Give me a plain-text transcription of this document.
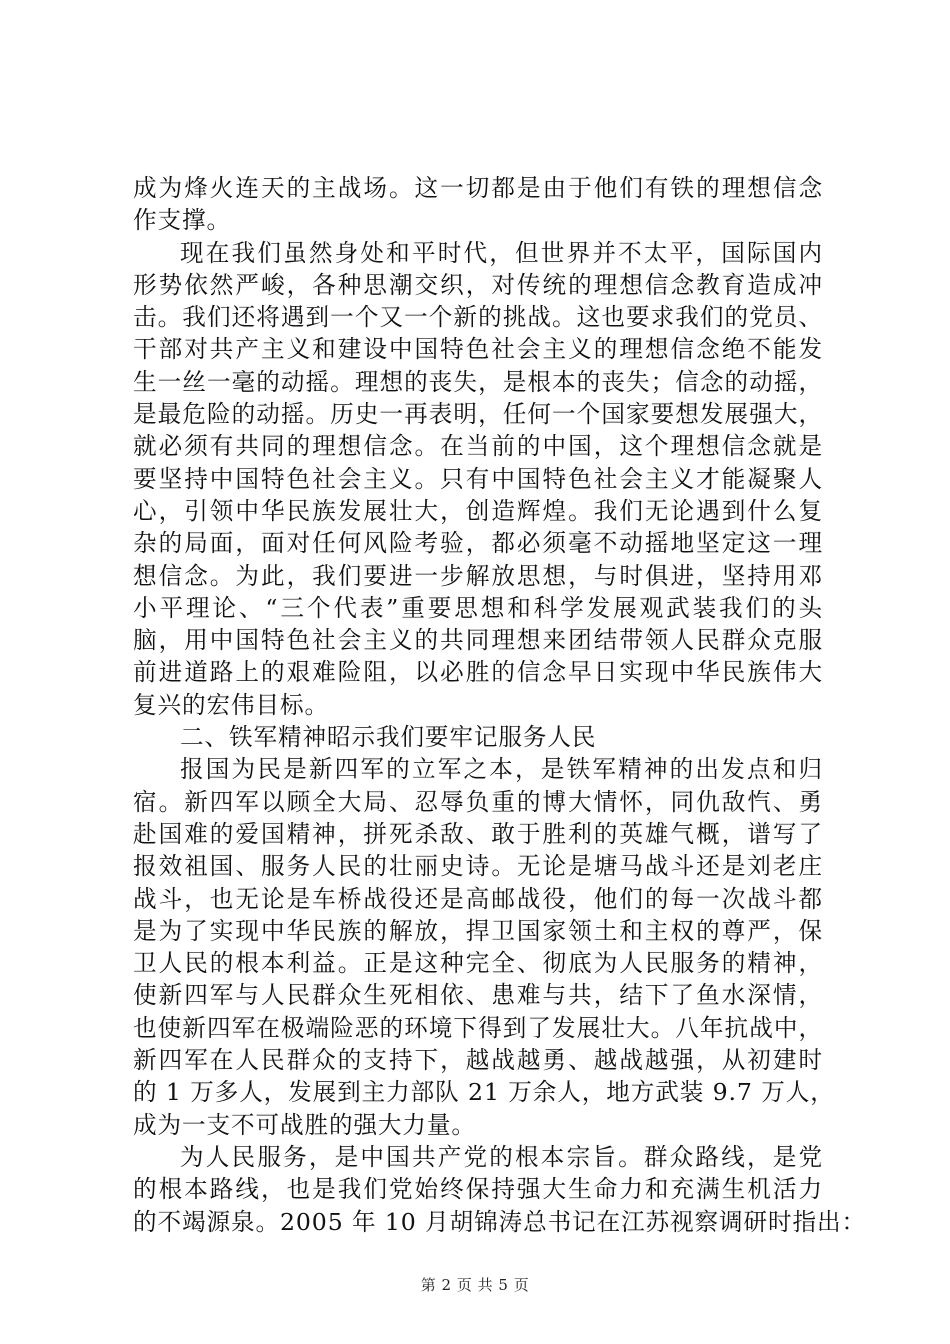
成为烽火连天的主战场。这一切都是由于他们有铁的理想信念
作支撑。
现在我们虽然身处和平时代，但世界并不太平，国际国内
形势依然严峻，各种思潮交织，对传统的理想信念教育造成冲
击。我们还将遇到一个又一个新的挑战。这也要求我们的党员、
干部对共产主义和建设中国特色社会主义的理想信念绝不能发
生一丝一毫的动摇。理想的丧失，是根本的丧失；信念的动摇，
是最危险的动摇。历史一再表明，任何一个国家要想发展强大，
就必须有共同的理想信念。在当前的中国，这个理想信念就是
要坚持中国特色社会主义。只有中国特色社会主义才能凝聚人
心，引领中华民族发展壮大，创造辉煌。我们无论遇到什么复
杂的局面，面对任何风险考验，都必须毫不动摇地坚定这一理
想信念。为此，我们要进一步解放思想，与时俱进，坚持用邓
小平理论、“三个代表”重要思想和科学发展观武装我们的头
脑，用中国特色社会主义的共同理想来团结带领人民群众克服
前进道路上的艰难险阻，以必胜的信念早日实现中华民族伟大
复兴的宏伟目标。
二、铁军精神昭示我们要牢记服务人民
报国为民是新四军的立军之本，是铁军精神的出发点和归
宿。新四军以顾全大局、忍辱负重的博大情怀，同仇敌忾、勇
赴国难的爱国精神，拼死杀敌、敢于胜利的英雄气概，谱写了
报效祖国、服务人民的壮丽史诗。无论是塘马战斗还是刘老庄
战斗，也无论是车桥战役还是高邮战役，他们的每一次战斗都
是为了实现中华民族的解放，捍卫国家领土和主权的尊严，保
卫人民的根本利益。正是这种完全、彻底为人民服务的精神，
使新四军与人民群众生死相依、患难与共，结下了鱼水深情，
也使新四军在极端险恶的环境下得到了发展壮大。八年抗战中，
新四军在人民群众的支持下，越战越勇、越战越强，从初建时
的 1 万多人，发展到主力部队 21 万余人，地方武装 9.7 万人，
成为一支不可战胜的强大力量。
为人民服务，是中国共产党的根本宗旨。群众路线，是党
的根本路线，也是我们党始终保持强大生命力和充满生机活力
的不竭源泉。2005 年 10 月胡锦涛总书记在江苏视察调研时指出：
第 2 页 共 5 页
